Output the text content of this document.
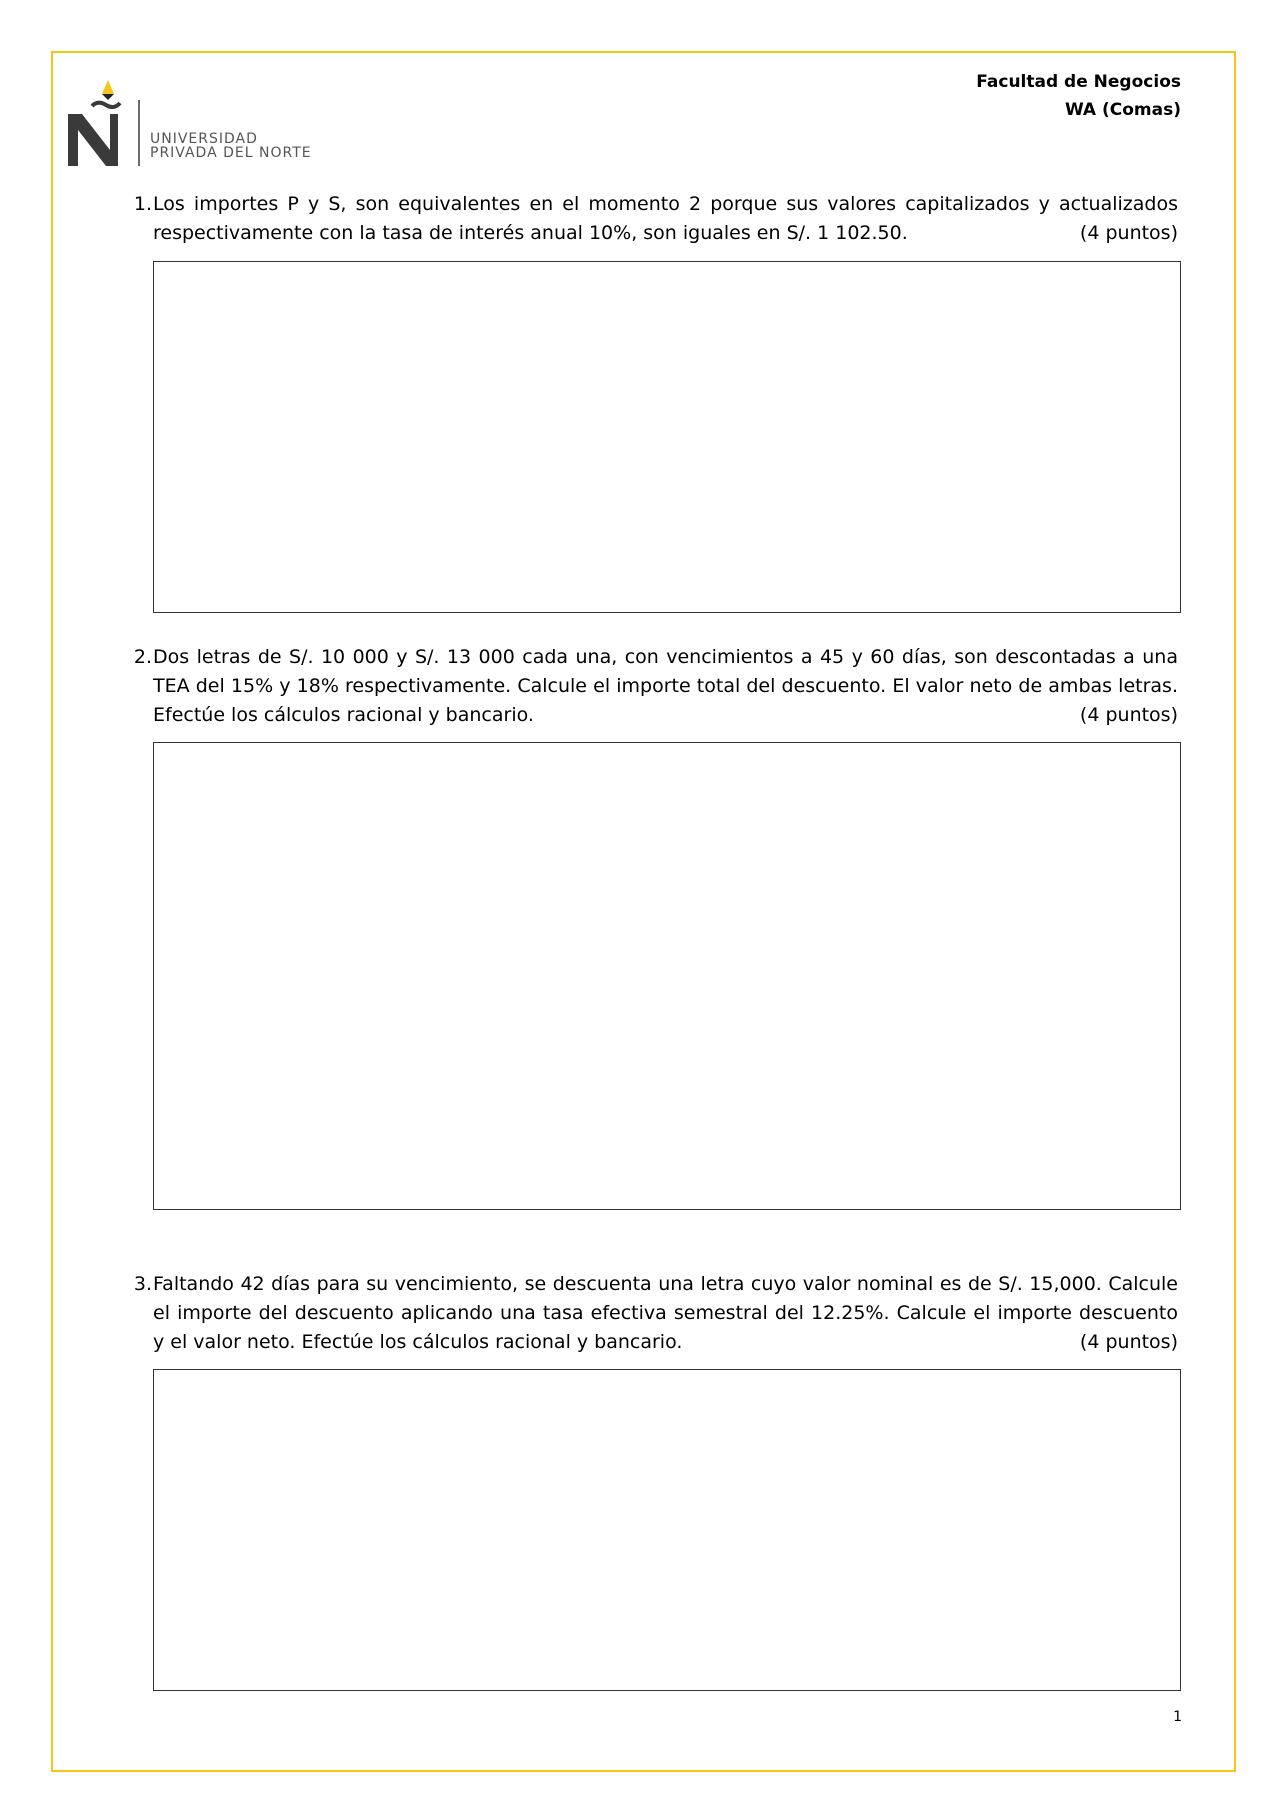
UNIVERSIDAD
PRIVADA DEL NORTE
Facultad de Negocios
WA (Comas)
1. Los importes P y S, son equivalentes en el momento 2 porque sus valores capitalizados y actualizados respectivamente con la tasa de interés anual 10%, son iguales en S/. 1 102.50.	(4 puntos)
2. Dos letras de S/. 10 000 y S/. 13 000 cada una, con vencimientos a 45 y 60 días, son descontadas a una TEA del 15% y 18% respectivamente. Calcule el importe total del descuento. El valor neto de ambas letras. Efectúe los cálculos racional y bancario.	(4 puntos)
3. Faltando 42 días para su vencimiento, se descuenta una letra cuyo valor nominal es de S/. 15,000. Calcule el importe del descuento aplicando una tasa efectiva semestral del 12.25%. Calcule el importe descuento y el valor neto. Efectúe los cálculos racional y bancario.	(4 puntos)
1
